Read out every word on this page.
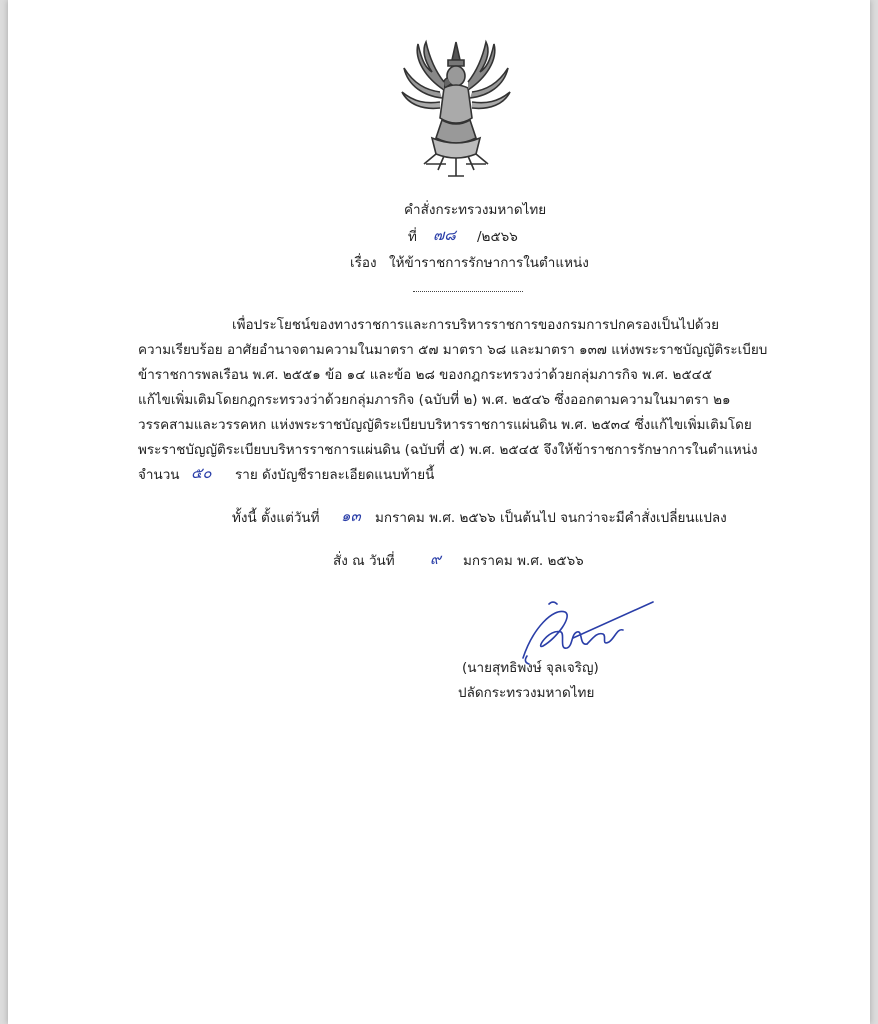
คำสั่งกระทรวงมหาดไทย
ที่ ๗๘ /๒๕๖๖
เรื่อง ให้ข้าราชการรักษาการในตำแหน่ง
เพื่อประโยชน์ของทางราชการและการบริหารราชการของกรมการปกครองเป็นไปด้วย
ความเรียบร้อย อาศัยอำนาจตามความในมาตรา ๕๗ มาตรา ๖๘ และมาตรา ๑๓๗ แห่งพระราชบัญญัติระเบียบ
ข้าราชการพลเรือน พ.ศ. ๒๕๕๑ ข้อ ๑๔ และข้อ ๒๘ ของกฎกระทรวงว่าด้วยกลุ่มภารกิจ พ.ศ. ๒๕๔๕
แก้ไขเพิ่มเติมโดยกฎกระทรวงว่าด้วยกลุ่มภารกิจ (ฉบับที่ ๒) พ.ศ. ๒๕๔๖ ซึ่งออกตามความในมาตรา ๒๑
วรรคสามและวรรคหก แห่งพระราชบัญญัติระเบียบบริหารราชการแผ่นดิน พ.ศ. ๒๕๓๔ ซึ่งแก้ไขเพิ่มเติมโดย
พระราชบัญญัติระเบียบบริหารราชการแผ่นดิน (ฉบับที่ ๕) พ.ศ. ๒๕๔๕ จึงให้ข้าราชการรักษาการในตำแหน่ง
จำนวน ๕๐ ราย ดังบัญชีรายละเอียดแนบท้ายนี้
ทั้งนี้ ตั้งแต่วันที่ ๑๓ มกราคม พ.ศ. ๒๕๖๖ เป็นต้นไป จนกว่าจะมีคำสั่งเปลี่ยนแปลง
สั่ง ณ วันที่ ๙ มกราคม พ.ศ. ๒๕๖๖
(นายสุทธิพงษ์ จุลเจริญ)
ปลัดกระทรวงมหาดไทย
